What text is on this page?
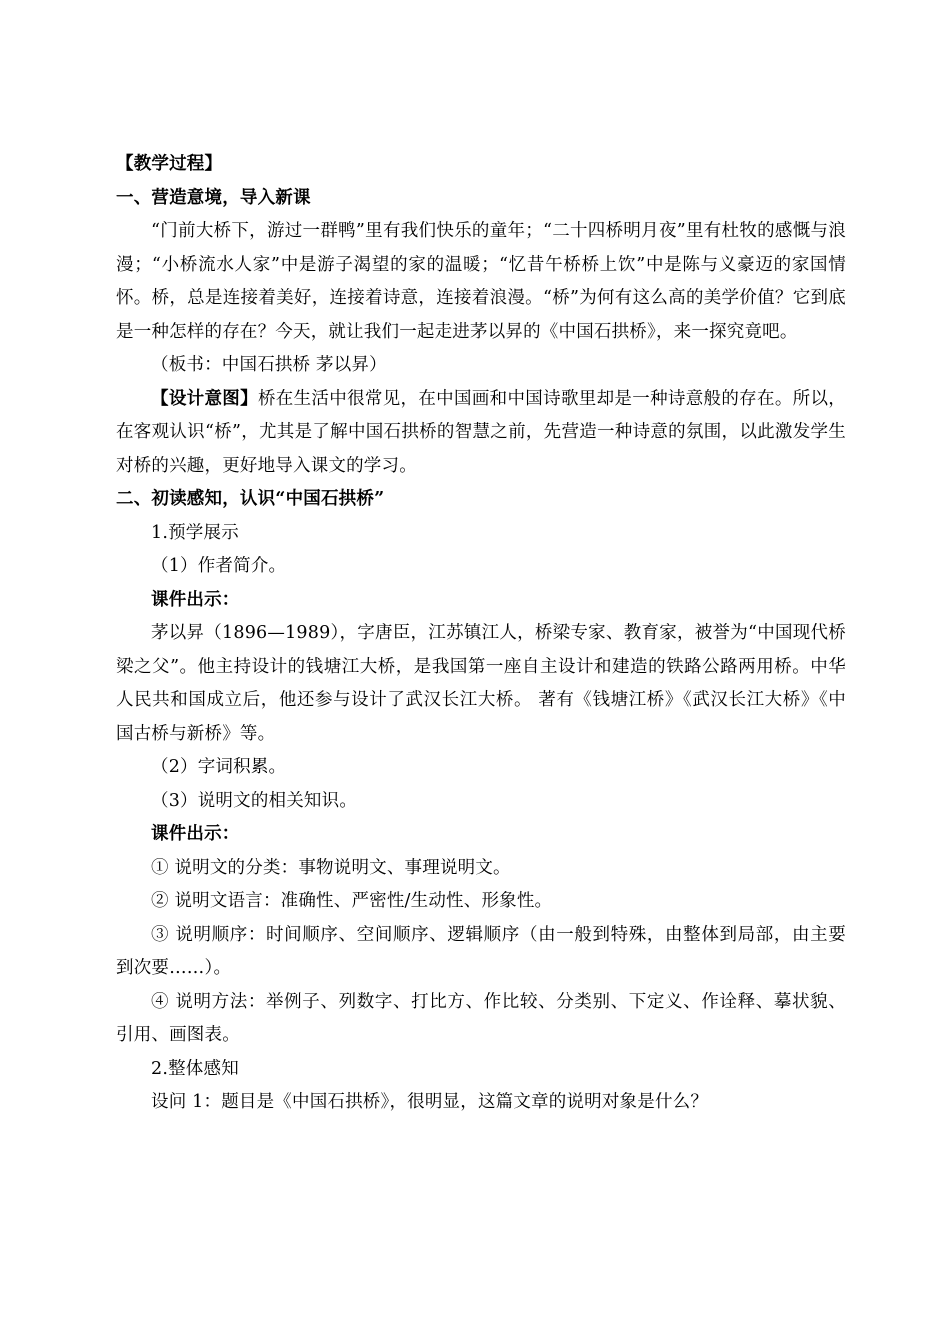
【教学过程】
一、营造意境，导入新课
“门前大桥下，游过一群鸭”里有我们快乐的童年；“二十四桥明月夜”里有杜牧的感慨与浪漫；“小桥流水人家”中是游子渴望的家的温暖；“忆昔午桥桥上饮”中是陈与义豪迈的家国情怀。桥，总是连接着美好，连接着诗意，连接着浪漫。“桥”为何有这么高的美学价值？它到底是一种怎样的存在？今天，就让我们一起走进茅以昇的《中国石拱桥》，来一探究竟吧。
（板书：中国石拱桥 茅以昇）
【设计意图】桥在生活中很常见，在中国画和中国诗歌里却是一种诗意般的存在。所以，在客观认识“桥”，尤其是了解中国石拱桥的智慧之前，先营造一种诗意的氛围，以此激发学生对桥的兴趣，更好地导入课文的学习。
二、初读感知，认识“中国石拱桥”
1.预学展示
（1）作者简介。
课件出示：
茅以昇（1896—1989），字唐臣，江苏镇江人，桥梁专家、教育家，被誉为“中国现代桥梁之父”。他主持设计的钱塘江大桥，是我国第一座自主设计和建造的铁路公路两用桥。中华人民共和国成立后，他还参与设计了武汉长江大桥。 著有《钱塘江桥》《武汉长江大桥》《中国古桥与新桥》等。
（2）字词积累。
（3）说明文的相关知识。
课件出示：
① 说明文的分类：事物说明文、事理说明文。
② 说明文语言：准确性、严密性/生动性、形象性。
③ 说明顺序：时间顺序、空间顺序、逻辑顺序（由一般到特殊，由整体到局部，由主要到次要……）。
④ 说明方法：举例子、列数字、打比方、作比较、分类别、下定义、作诠释、摹状貌、引用、画图表。
2.整体感知
设问 1：题目是《中国石拱桥》，很明显，这篇文章的说明对象是什么？
